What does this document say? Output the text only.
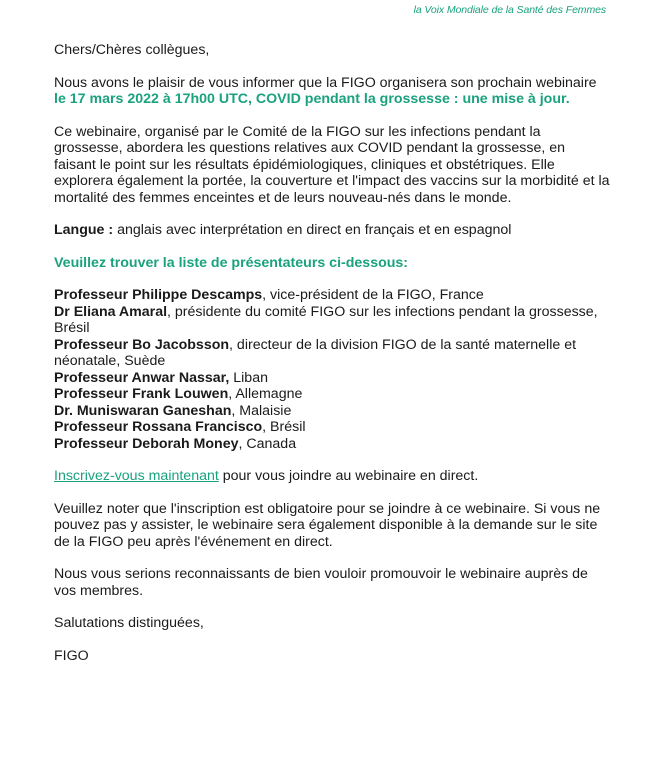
la Voix Mondiale de la Santé des Femmes

Chers/Chères collègues,

Nous avons le plaisir de vous informer que la FIGO organisera son prochain webinaire le 17 mars 2022 à 17h00 UTC, COVID pendant la grossesse : une mise à jour.

Ce webinaire, organisé par le Comité de la FIGO sur les infections pendant la grossesse, abordera les questions relatives aux COVID pendant la grossesse, en faisant le point sur les résultats épidémiologiques, cliniques et obstétriques. Elle explorera également la portée, la couverture et l'impact des vaccins sur la morbidité et la mortalité des femmes enceintes et de leurs nouveau-nés dans le monde.

Langue : anglais avec interprétation en direct en français et en espagnol

Veuillez trouver la liste de présentateurs ci-dessous:

Professeur Philippe Descamps, vice-président de la FIGO, France
Dr Eliana Amaral, présidente du comité FIGO sur les infections pendant la grossesse, Brésil
Professeur Bo Jacobsson, directeur de la division FIGO de la santé maternelle et néonatale, Suède
Professeur Anwar Nassar, Liban
Professeur Frank Louwen, Allemagne
Dr. Muniswaran Ganeshan, Malaisie
Professeur Rossana Francisco, Brésil
Professeur Deborah Money, Canada

Inscrivez-vous maintenant pour vous joindre au webinaire en direct.

Veuillez noter que l'inscription est obligatoire pour se joindre à ce webinaire. Si vous ne pouvez pas y assister, le webinaire sera également disponible à la demande sur le site de la FIGO peu après l'événement en direct.

Nous vous serions reconnaissants de bien vouloir promouvoir le webinaire auprès de vos membres.

Salutations distinguées,

FIGO
